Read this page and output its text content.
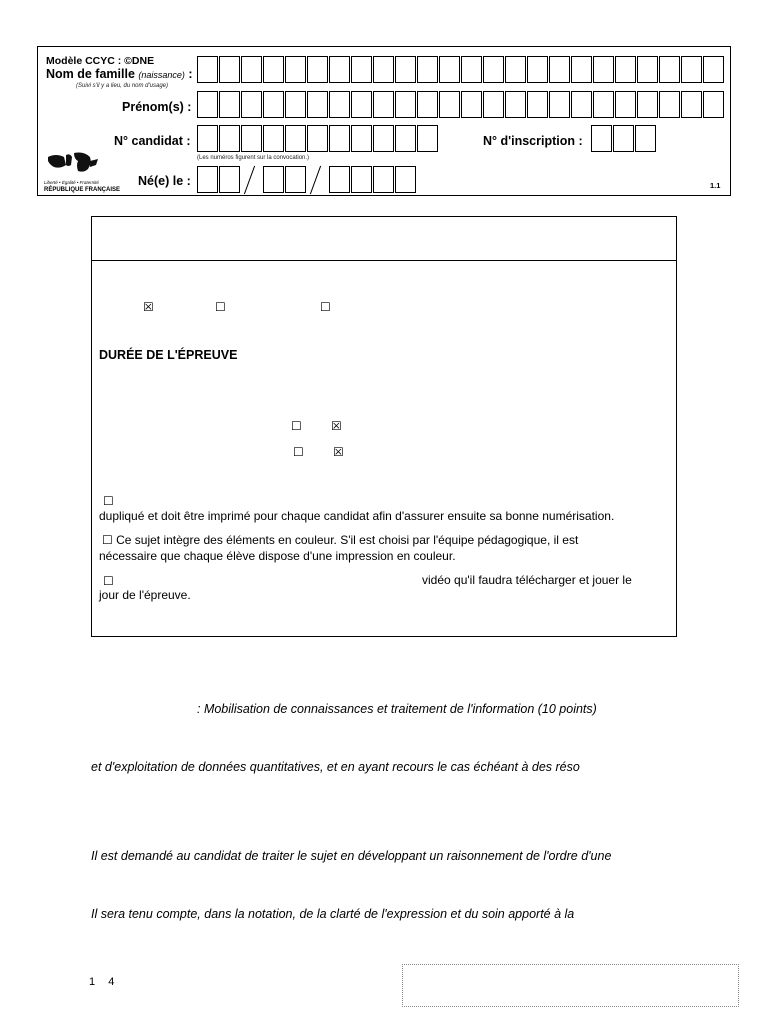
Modèle CCYC : ©DNE
Nom de famille (naissance) :
(Suivi s'il y a lieu, du nom d'usage)
Prénom(s) :
N° candidat :
(Les numéros figurent sur la convocation.)
N° d'inscription :
Né(e) le :
Liberté • Égalité • Fraternité
RÉPUBLIQUE FRANÇAISE	1.1
☒	☐	☐
DURÉE DE L'ÉPREUVE
☐ ☒
☐ ☒
☐
dupliqué et doit être imprimé pour chaque candidat afin d'assurer ensuite sa bonne numérisation.
☐ Ce sujet intègre des éléments en couleur. S'il est choisi par l'équipe pédagogique, il est
nécessaire que chaque élève dispose d'une impression en couleur.
☐	vidéo qu'il faudra télécharger et jouer le
jour de l'épreuve.
: Mobilisation de connaissances et traitement de l'information (10 points)
et d'exploitation de données quantitatives, et en ayant recours le cas échéant à des réso
Il est demandé au candidat de traiter le sujet en développant un raisonnement de l'ordre d'une
Il sera tenu compte, dans la notation, de la clarté de l'expression et du soin apporté à la
1   4
